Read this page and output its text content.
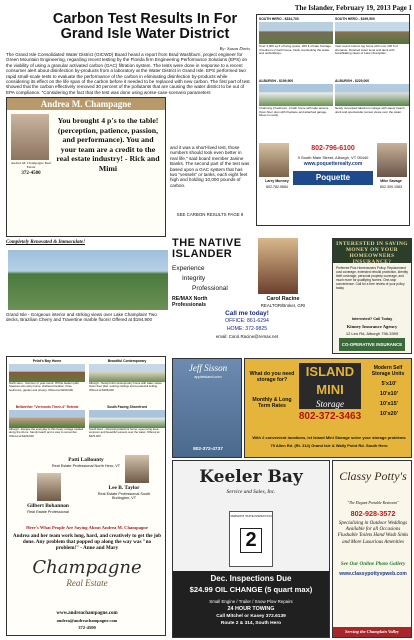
The Islander, February 19, 2013 Page 1
Carbon Test Results In For Grand Isle Water District
By: Susan Davis
The Grand Isle Consolidated Water District (GICWD) Board heard a report from Brad Washburn, project engineer for Green Mountain Engineering, regarding recent testing by the Florida firm Engineering Performance Solutions (EPS) on the viability of using a granular activated carbon (GAC) filtration system. The tests were done in response to a recent consumer alert about disinfection by-products from a laboratory at the Water District in Grand Isle. EPS performed two rapid small-scale tests to evaluate the performance of the carbon in eliminating disinfection by-products while considering its effect on the life span of the carbon before it needed to be replaced with new carbon. The first part of test showed that the carbon effectively removed 30 percent of the pollutants that are causing the water district to be out of EPA compliance. "Considering the fact that the test was done using worse-case scenario parameters
Andrea M. Champagne
Andrea M. Champagne Real Estate
372-4500
You brought 4 p's to the table! (perception, patience, passion, and performance). You and your team are a credit to the real estate industry! - Rick and Mimi
and it was a short-lived test, those numbers should look even better in real life," said board member Janine Banks. The second part of the test was based upon a GAC system that has two "vessels" or tanks, each eight feet high and holding 10,000 pounds of carbon.
SEE CARBON RESULTS PAGE 9
SOUTH HERO - $334,700
Over 3,000 sq ft of living space. 200 ft of lake frontage. 3 bedroom 2 bath house. Deck overlooking the water and outbuildings.
SOUTH HERO - $199,500
Year-round custom log home with over 100 ft of shoreline. Finished lower level and deck with breathtaking views of Lake Champlain.
ALBURGH - $199,900
Charming 3 bedroom, 2 bath home with lake access. Open floor plan with fireplace and attached garage. Move-in ready.
ALBURGH - $229,000
Newly renovated lakefront cottage with sandy beach, dock and spectacular sunset views over the water.
802-796-6100
9 South Main Street, Alburgh, VT 05440
www.poquetterealty.com
Poquette
Larry Munney
802.782.9684
Mike Savage
802.309.1583
Completely Renovated & Immaculate!
Grand Isle - Gorgeous interior and striking views over Lake Champlain! Two decks, Brazilian Cherry and Travertine marble floors! Offered at $194,900
THE NATIVE ISLANDER
Experience
Integrity
Professional
Carol Racine
REALTOR/Broker, GRI
RE/MAX North Professionals
Call me today!
OFFICE: 861-6294
HOME: 372-9825
email: Carol.Racine@remax.net
INTERESTED IN SAVING MONEY ON YOUR HOMEOWNERS INSURANCE?
Preferred Plus Homeowners Policy: Replacement cost coverage, extended rebuild protection, identity theft coverage, personal property coverage, and much more for qualifying homes. One-stop convenience. Call for a free review of your policy today.
Interested? Call Today
Kinney Insurance Agency
12 Leo Rd, Alburgh 796-3399
CO-OPERATIVE INSURANCE
Pelot's Bay Home
North Hero - Summer or year-round. Off the beaten path. Spacious two-story home, sheltered location, three bedrooms, garden and privacy. Offered at $199,000
Beautiful Contemporary
Alburgh - Newly built contemporary home with water views. Open floor plan, soaring ceilings and a peaceful setting. Offered at $298,000
Bellwether "Vermonts Three-4" Retreat
Alburgh - Escape the everyday to this lovely cottage nestled along the shore. Sandy beach and a view to remember. Offered at $229,000
South Facing Shorefront
South Hero - Charming lakefront home, open living area, sunroom and beautiful sunsets over the water. Offered at $425,000
Patti LaBounty
Real Estate Professional North Hero, VT
Lee B. Taylor
Real Estate Professional South Burlington, VT
Gilbert Bohannon
Real Estate Professional
Here's What People Are Saying About Andrea M. Champagne
Andrea and her team work long, hard, and creatively to get the job done. Any problem that popped up along the way was "no problem!" - Anne and Mary
Champagne
Real Estate
www.andreachampagne.com
andrea@andreachampagne.com
372-4500
Jeff Sisson
applelsland.com
802-372-4737
What do you need storage for?
Monthly & Long Term Rates
ISLAND MINI
Storage
802-372-3463
Modern Self Storage Units
5'x10'
10'x10'
10'x15'
10'x20'
With 2 convenient locations, let Island Mini Storage solve your storage problems
79 Allen Rd. (Rt. 314) Grand Isle & Wally Point Rd. South Hero
Keeler Bay
Service and Sales, Inc.
VERMONT STATE INSPECTION
2
Dec. Inspections Due
$24.99 OIL CHANGE (5 quart max)
Small Engine / Trailer / Snow Plow Repairs
24 HOUR TOWING
Call Mitchel or Kasey 372.6139
Route 2 & 314, South Hero
Classy Potty's
"The Elegant Portable Restroom"
802-928-3572
Specializing in Outdoor Weddings Available for all Occasions Flushable Toilets Hand Wash Sinks and More Luxurious Amenities
See Our Online Photo Gallery
www.classypottyvpweb.com
Serving the Champlain Valley
